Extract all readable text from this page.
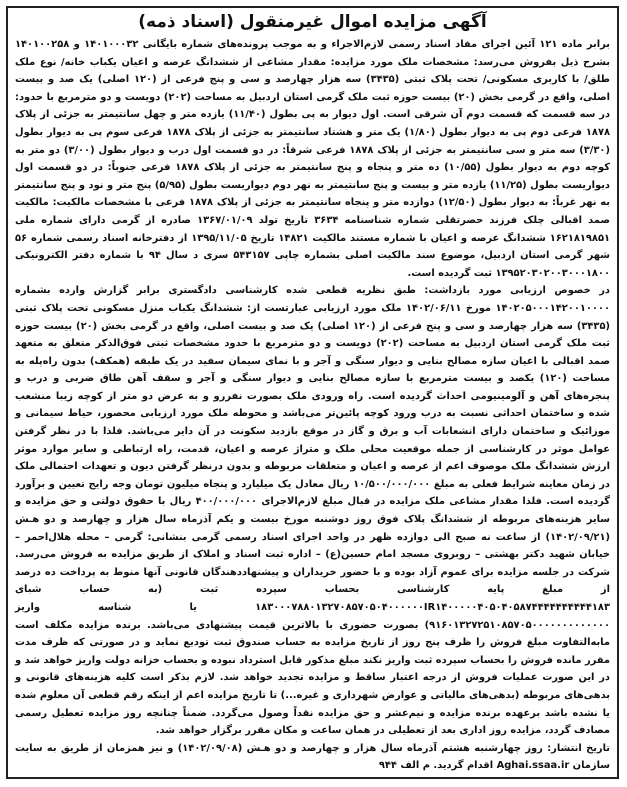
آگهی مزایده اموال غیرمنقول (اسناد ذمه)

برابر ماده ۱۲۱ آئین اجرای مفاد اسناد رسمی لازم‌الاجراء و به موجب پرونده‌های شماره بایگانی ۱۴۰۱۰۰۰۳۲ و ۱۴۰۱۰۰۲۵۸ بشرح ذیل بفروش می‌رسد: مشخصات ملک مورد مزایده: مقدار مشاعی از ششدانگ عرصه و اعیان یکباب خانه/ نوع ملک طلق/ با کاربری مسکونی/ تحت پلاک ثبتی (۳۴۳۵) سه هزار چهارصد و سی و پنج فرعی از (۱۲۰ اصلی) یک صد و بیست اصلی، واقع در گرمی بخش (۲۰) بیست حوزه ثبت ملک گرمی استان اردبیل به مساحت (۲۰۲) دویست و دو مترمربع با حدود: در سه قسمت که قسمت دوم آن شرقی است. اول دیوار به پی بطول (۱۱/۴۰) یازده متر و چهل سانتیمتر به جزئی از پلاک ۱۸۷۸ فرعی دوم پی به دیوار بطول (۱/۸۰) یک متر و هشتاد سانتیمتر به جزئی از پلاک ۱۸۷۸ فرعی سوم پی به دیوار بطول (۳/۳۰) سه متر و سی سانتیمتر به جزئی از پلاک ۱۸۷۸ فرعی شرقاً: در دو قسمت اول درب و دیوار بطول (۳/۰۰) دو متر به کوچه دوم به دیوار بطول (۱۰/۵۵) ده متر و پنجاه و پنج سانتیمتر به جزئی از پلاک ۱۸۷۸ فرعی جنوباً: در دو قسمت اول دیواریست بطول (۱۱/۲۵) یازده متر و بیست و پنج سانتیمتر به نهر دوم دیواریست بطول (۵/۹۵) پنج متر و نود و پنج سانتیمتر به نهر غرباً: به دیوار بطول (۱۲/۵۰) دوازده متر و پنجاه سانتیمتر به جزئی از پلاک ۱۸۷۸ فرعی با مشخصات مالکیت: مالکیت صمد اقبالی چلک فرزند حضرتقلی شماره شناسنامه ۳۶۳۴ تاریخ تولد ۱۳۶۷/۰۱/۰۹ صادره از گرمی دارای شماره ملی ۱۶۲۱۸۱۹۸۵۱ ششدانگ عرصه و اعیان با شماره مستند مالکیت ۱۴۸۲۱ تاریخ ۱۳۹۵/۱۱/۰۵ از دفترخانه اسناد رسمی شماره ۵۶ شهر گرمی استان اردبیل، موضوع سند مالکیت اصلی بشماره چاپی ۵۴۳۱۵۷ سری د سال ۹۴ با شماره دفتر الکترونیکی ۱۳۹۵۲۰۳۰۲۰۰۳۰۰۰۱۸۰۰ ثبت گردیده است.

در خصوص ارزیابی مورد بازداشت: طبق نظریه قطعی شده کارشناسی دادگستری برابر گزارش وارده بشماره ۱۴۰۲۰۵۰۰۰۱۴۲۰۰۱۰۰۰۰ مورخ ۱۴۰۲/۰۶/۱۱ ملک مورد ارزیابی عبارتست از: ششدانگ یکباب منزل مسکونی تحت پلاک ثبتی (۳۴۳۵) سه هزار چهارصد و سی و پنج فرعی از (۱۲۰ اصلی) یک صد و بیست اصلی، واقع در گرمی بخش (۲۰) بیست حوزه ثبت ملک گرمی استان اردبیل به مساحت (۲۰۲) دویست و دو مترمربع با حدود مشخصات ثبتی فوق‌الذکر متعلق به متعهد صمد اقبالی با اعیان سازه مصالح بنایی و دیوار سنگی و آجر و با نمای سیمان سفید در یک طبقه (همکف) بدون راه‌پله به مساحت (۱۲۰) یکصد و بیست مترمربع با سازه مصالح بنایی و دیوار سنگی و آجر و سقف آهن طاق ضربی و درب و پنجره‌های آهن و آلومینیومی احداث گردیده است. راه ورودی ملک بصورت نفررو و به عرض دو متر از کوچه زیبا منشعب شده و ساختمان احداثی نسبت به درب ورود کوچه پائین‌تر می‌باشد و محوطه ملک مورد ارزیابی محصور، حیاط سیمانی و موزائیک و ساختمان دارای انشعابات آب و برق و گاز در موقع بازدید سکونت در آن دایر می‌باشد. فلذا با در نظر گرفتن عوامل موثر در کارشناسی از جمله موقعیت محلی ملک و متراژ عرصه و اعیان، قدمت، راه ارتباطی و سایر موارد موثر ارزش ششدانگ ملک موصوف اعم از عرصه و اعیان و متعلقات مربوطه و بدون درنظر گرفتن دیون و تعهدات احتمالی ملک در زمان معاینه شرایط فعلی به مبلغ ۱۰/۵۰۰/۰۰۰/۰۰۰ ریال معادل یک میلیارد و پنجاه میلیون تومان وجه رایج تعیین و برآورد گردیده است. فلذا مقدار مشاعی ملک مزایده در قبال مبلغ لازم‌الاجرای ۴۰۰/۰۰۰/۰۰۰ ریال با حقوق دولتی و حق مزایده و سایر هزینه‌های مربوطه از ششدانگ پلاک فوق روز دوشنبه مورخ بیست و یکم آذرماه سال هزار و چهارصد و دو هـش (۱۴۰۲/۰۹/۲۱) از ساعت نه صبح الی دوازده ظهر در واحد اجرای اسناد رسمی گرمی بنشانی: گرمی – محله هلال‌احمر – خیابان شهید دکتر بهشتی – روبروی مسجد امام حسین(ع) – اداره ثبت اسناد و املاک از طریق مزایده به فروش می‌رسد. شرکت در جلسه مزایده برای عموم آزاد بوده و با حضور خریداران و پیشنهاددهندگان قانونی آنها منوط به پرداخت ده درصد از مبلغ پایه کارشناسی بحساب سپرده ثبت (به حساب شبای ۱۸۳۰۰۰۷۸۸۰۱۳۲۷۰۸۵۷۰۵۰۴۰۰۰۰۰۰IR۱۴۰۰۰۰۰۴۰۵۰۴۰۵۸۷۴۴۴۴۴۴۴۴۴۴۱۸۳ یا شناسه واریز ۹۱۶۰۱۳۲۷۲۵۱۰۸۵۷۰۵۰۰۰۰۰۰۰۰۰۰۰۰۰) بصورت حضوری با بالاترین قیمت پیشنهادی می‌باشد. برنده مزایده مکلف است مابه‌التفاوت مبلغ فروش را ظرف پنج روز از تاریخ مزایده به حساب صندوق ثبت تودیع نماید و در صورتی که ظرف مدت مقرر مانده فروش را بحساب سپرده ثبت واریز نکند مبلغ مذکور قابل استرداد نبوده و بحساب خزانه دولت واریز خواهد شد و در این صورت عملیات فروش از درجه اعتبار ساقط و مزایده تجدید خواهد شد. لازم بذکر است کلیه هزینه‌های قانونی و بدهی‌های مربوطه (بدهی‌های مالیاتی و عوارض شهرداری و غیره...) تا تاریخ مزایده اعم از اینکه رقم قطعی آن معلوم شده یا نشده باشد برعهده برنده مزایده و نیم‌عشر و حق مزایده نقداً وصول می‌گردد. ضمناً چنانچه روز مزایده تعطیل رسمی مصادف گردد، مزایده روز اداری بعد از تعطیلی در همان ساعت و مکان مقرر برگزار خواهد شد.

تاریخ انتشار: روز چهارشنبه هشتم آذرماه سال هزار و چهارصد و دو هـش (۱۴۰۲/۰۹/۰۸) و نیز همزمان از طریق به سایت سازمان Aghai.ssaa.ir اقدام گردید. م الف ۹۴۴
